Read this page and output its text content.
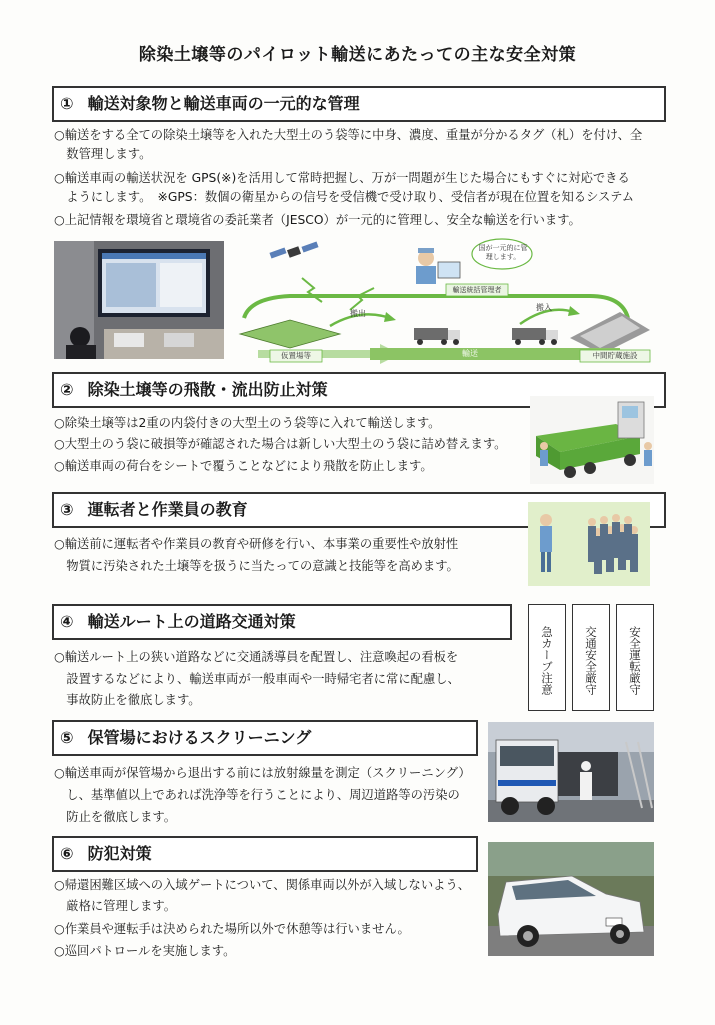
除染土壌等のパイロット輸送にあたっての主な安全対策
① 輸送対象物と輸送車両の一元的な管理
○輸送をする全ての除染土壌等を入れた大型土のう袋等に中身、濃度、重量が分かるタグ（札）を付け、全
　数管理します。
○輸送車両の輸送状況を GPS(※)を活用して常時把握し、万が一問題が生じた場合にもすぐに対応できる
　ようにします。　※GPS：数個の衛星からの信号を受信機で受け取り、受信者が現在位置を知るシステム
○上記情報を環境省と環境省の委託業者（JESCO）が一元的に管理し、安全な輸送を行います。
国が一元的に管理します。
輸送統括管理者
搬出
搬入
輸送
仮置場等	中間貯蔵施設
② 除染土壌等の飛散・流出防止対策
○除染土壌等は2重の内袋付きの大型土のう袋等に入れて輸送します。
○大型土のう袋に破損等が確認された場合は新しい大型土のう袋に詰め替えます。
○輸送車両の荷台をシートで覆うことなどにより飛散を防止します。
③ 運転者と作業員の教育
○輸送前に運転者や作業員の教育や研修を行い、本事業の重要性や放射性
　物質に汚染された土壌等を扱うに当たっての意識と技能等を高めます。
④ 輸送ルート上の道路交通対策
○輸送ルート上の狭い道路などに交通誘導員を配置し、注意喚起の看板を
　設置するなどにより、輸送車両が一般車両や一時帰宅者に常に配慮し、
　事故防止を徹底します。
急カーブ注意	交通安全厳守	安全運転厳守
⑤ 保管場におけるスクリーニング
○輸送車両が保管場から退出する前には放射線量を測定（スクリーニング）
　し、基準値以上であれば洗浄等を行うことにより、周辺道路等の汚染の
　防止を徹底します。
⑥ 防犯対策
○帰還困難区域への入域ゲートについて、関係車両以外が入域しないよう、
　厳格に管理します。
○作業員や運転手は決められた場所以外で休憩等は行いません。
○巡回パトロールを実施します。
